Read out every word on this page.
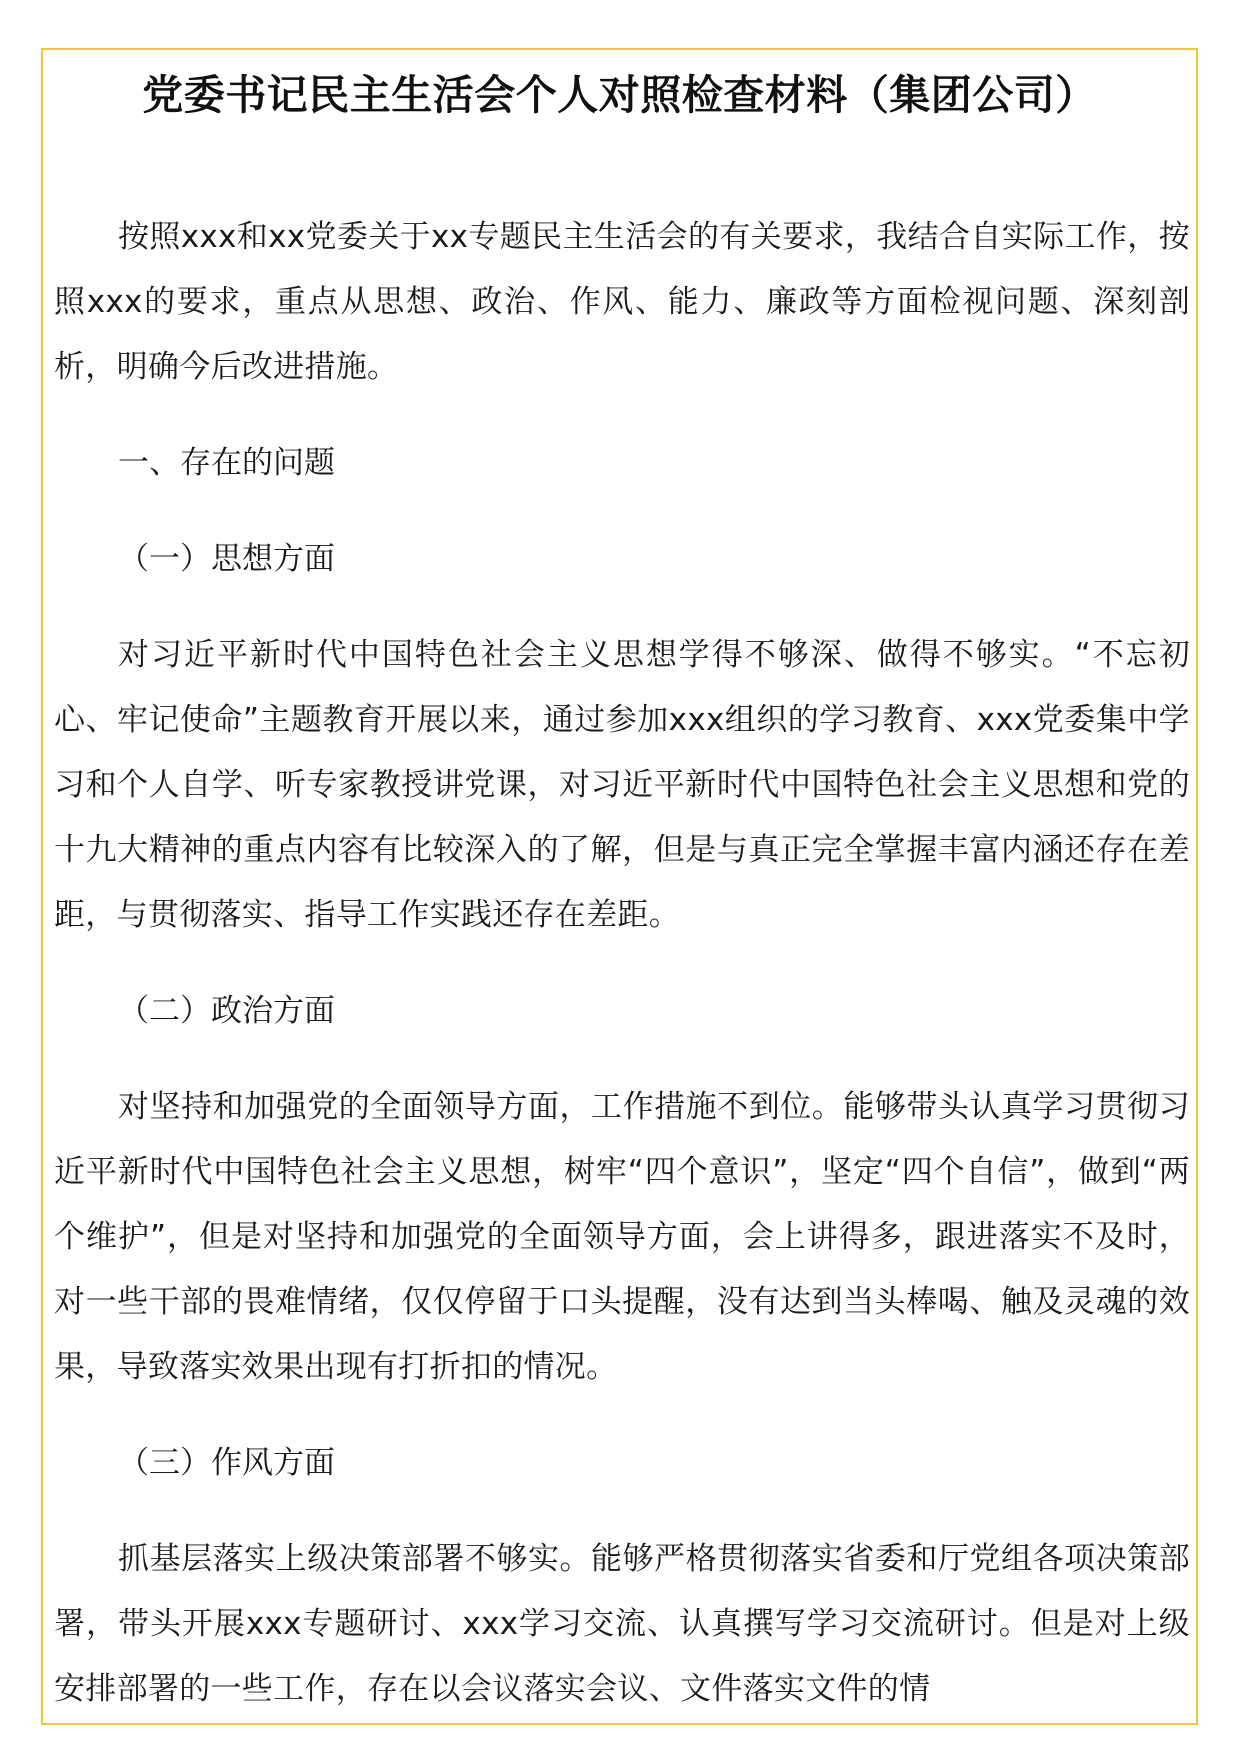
党委书记民主生活会个人对照检查材料（集团公司）

按照xxx和xx党委关于xx专题民主生活会的有关要求，我结合自实际工作，按照xxx的要求，重点从思想、政治、作风、能力、廉政等方面检视问题、深刻剖析，明确今后改进措施。

一、存在的问题

（一）思想方面

对习近平新时代中国特色社会主义思想学得不够深、做得不够实。“不忘初心、牢记使命”主题教育开展以来，通过参加xxx组织的学习教育、xxx党委集中学习和个人自学、听专家教授讲党课，对习近平新时代中国特色社会主义思想和党的十九大精神的重点内容有比较深入的了解，但是与真正完全掌握丰富内涵还存在差距，与贯彻落实、指导工作实践还存在差距。

（二）政治方面

对坚持和加强党的全面领导方面，工作措施不到位。能够带头认真学习贯彻习近平新时代中国特色社会主义思想，树牢“四个意识”，坚定“四个自信”，做到“两个维护”，但是对坚持和加强党的全面领导方面，会上讲得多，跟进落实不及时，对一些干部的畏难情绪，仅仅停留于口头提醒，没有达到当头棒喝、触及灵魂的效果，导致落实效果出现有打折扣的情况。

（三）作风方面

抓基层落实上级决策部署不够实。能够严格贯彻落实省委和厅党组各项决策部署，带头开展xxx专题研讨、xxx学习交流、认真撰写学习交流研讨。但是对上级安排部署的一些工作，存在以会议落实会议、文件落实文件的情
